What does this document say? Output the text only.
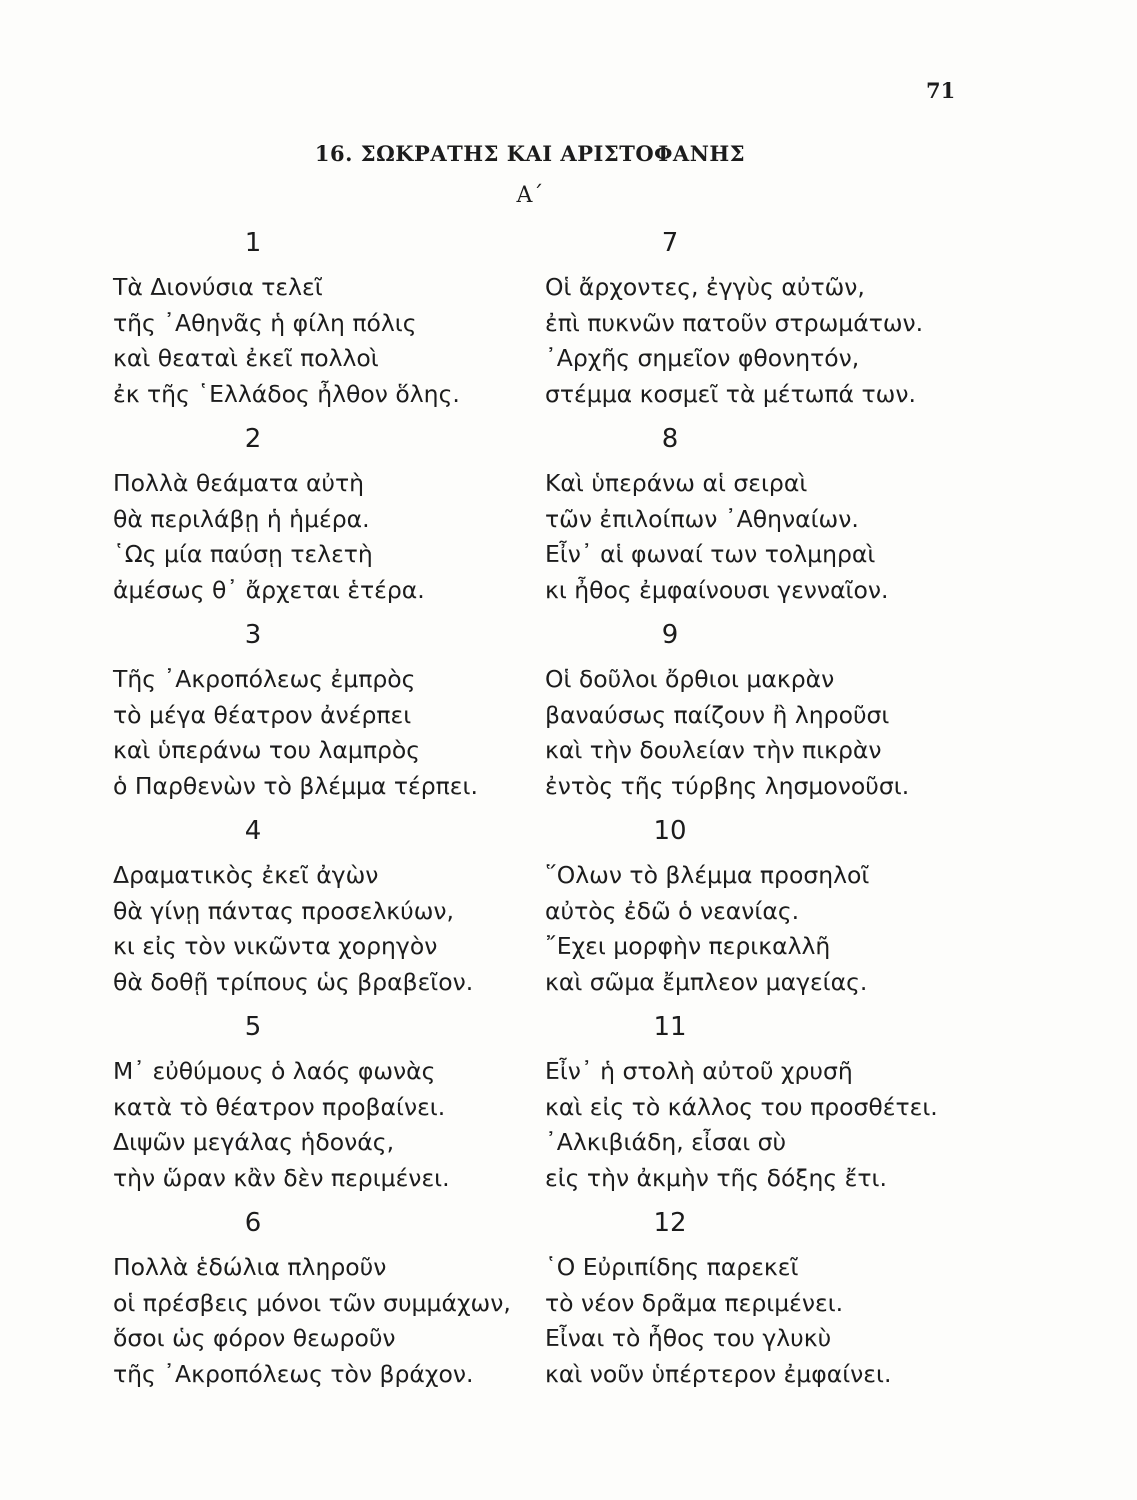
71
16. ΣΩΚΡΑΤΗΣ ΚΑΙ ΑΡΙΣΤΟΦΑΝΗΣ
Α΄
1
Τὰ Διονύσια τελεῖ
τῆς ᾿Αθηνᾶς ἡ φίλη πόλις
καὶ θεαταὶ ἐκεῖ πολλοὶ
ἐκ τῆς ῾Ελλάδος ἦλθον ὅλης.
2
Πολλὰ θεάματα αὐτὴ
θὰ περιλάβῃ ἡ ἡμέρα.
῾Ως μία παύσῃ τελετὴ
ἀμέσως θ᾿ ἄρχεται ἑτέρα.
3
Τῆς ᾿Ακροπόλεως ἐμπρὸς
τὸ μέγα θέατρον ἀνέρπει
καὶ ὑπεράνω του λαμπρὸς
ὁ Παρθενὼν τὸ βλέμμα τέρπει.
4
Δραματικὸς ἐκεῖ ἀγὼν
θὰ γίνῃ πάντας προσελκύων,
κι εἰς τὸν νικῶντα χορηγὸν
θὰ δοθῇ τρίπους ὡς βραβεῖον.
5
Μ᾿ εὐθύμους ὁ λαός φωνὰς
κατὰ τὸ θέατρον προβαίνει.
Διψῶν μεγάλας ἡδονάς,
τὴν ὥραν κἂν δὲν περιμένει.
6
Πολλὰ ἑδώλια πληροῦν
οἱ πρέσβεις μόνοι τῶν συμμάχων,
ὅσοι ὡς φόρον θεωροῦν
τῆς ᾿Ακροπόλεως τὸν βράχον.
7
Οἱ ἄρχοντες, ἐγγὺς αὐτῶν,
ἐπὶ πυκνῶν πατοῦν στρωμάτων.
᾿Αρχῆς σημεῖον φθονητόν,
στέμμα κοσμεῖ τὰ μέτωπά των.
8
Καὶ ὑπεράνω αἱ σειραὶ
τῶν ἐπιλοίπων ᾿Αθηναίων.
Εἶν᾿ αἱ φωναί των τολμηραὶ
κι ἦθος ἐμφαίνουσι γενναῖον.
9
Οἱ δοῦλοι ὄρθιοι μακρὰν
βαναύσως παίζουν ἢ ληροῦσι
καὶ τὴν δουλείαν τὴν πικρὰν
ἐντὸς τῆς τύρβης λησμονοῦσι.
10
῞Ολων τὸ βλέμμα προσηλοῖ
αὐτὸς ἐδῶ ὁ νεανίας.
῎Εχει μορφὴν περικαλλῆ
καὶ σῶμα ἔμπλεον μαγείας.
11
Εἶν᾿ ἡ στολὴ αὐτοῦ χρυσῆ
καὶ εἰς τὸ κάλλος του προσθέτει.
᾿Αλκιβιάδη, εἶσαι σὺ
εἰς τὴν ἀκμὴν τῆς δόξης ἔτι.
12
῾Ο Εὐριπίδης παρεκεῖ
τὸ νέον δρᾶμα περιμένει.
Εἶναι τὸ ἦθος του γλυκὺ
καὶ νοῦν ὑπέρτερον ἐμφαίνει.
